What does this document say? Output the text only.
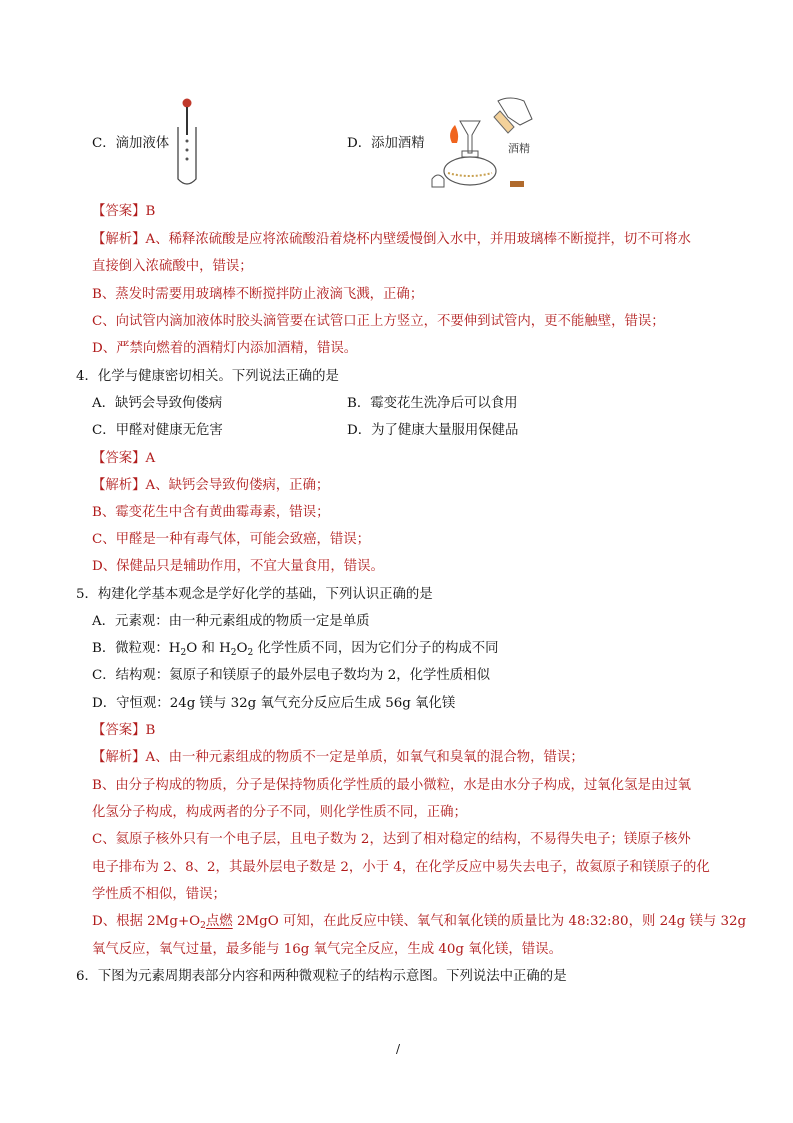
C．滴加液体	D．添加酒精	酒精
【答案】B
【解析】A、稀释浓硫酸是应将浓硫酸沿着烧杯内壁缓慢倒入水中，并用玻璃棒不断搅拌，切不可将水
直接倒入浓硫酸中，错误；
B、蒸发时需要用玻璃棒不断搅拌防止液滴飞溅，正确；
C、向试管内滴加液体时胶头滴管要在试管口正上方竖立，不要伸到试管内，更不能触壁，错误；
D、严禁向燃着的酒精灯内添加酒精，错误。
4．化学与健康密切相关。下列说法正确的是
A．缺钙会导致佝偻病	B．霉变花生洗净后可以食用
C．甲醛对健康无危害	D．为了健康大量服用保健品
【答案】A
【解析】A、缺钙会导致佝偻病，正确；
B、霉变花生中含有黄曲霉毒素，错误；
C、甲醛是一种有毒气体，可能会致癌，错误；
D、保健品只是辅助作用，不宜大量食用，错误。
5．构建化学基本观念是学好化学的基础，下列认识正确的是
A．元素观：由一种元素组成的物质一定是单质
B．微粒观：$H_2O$ 和 $H_2O_2$ 化学性质不同，因为它们分子的构成不同
C．结构观：氦原子和镁原子的最外层电子数均为 2，化学性质相似
D．守恒观：24g 镁与 32g 氧气充分反应后生成 56g 氧化镁
【答案】B
【解析】A、由一种元素组成的物质不一定是单质，如氧气和臭氧的混合物，错误；
B、由分子构成的物质，分子是保持物质化学性质的最小微粒，水是由水分子构成，过氧化氢是由过氧
化氢分子构成，构成两者的分子不同，则化学性质不同，正确；
C、氦原子核外只有一个电子层，且电子数为 2，达到了相对稳定的结构，不易得失电子；镁原子核外
电子排布为 2、8、2，其最外层电子数是 2，小于 4，在化学反应中易失去电子，故氦原子和镁原子的化
学性质不相似，错误；
D、根据 $2Mg+O_2$点燃 2MgO 可知，在此反应中镁、氧气和氧化镁的质量比为 48:32:80，则 24g 镁与 32g
氧气反应，氧气过量，最多能与 16g 氧气完全反应，生成 40g 氧化镁，错误。
6．下图为元素周期表部分内容和两种微观粒子的结构示意图。下列说法中正确的是
/
